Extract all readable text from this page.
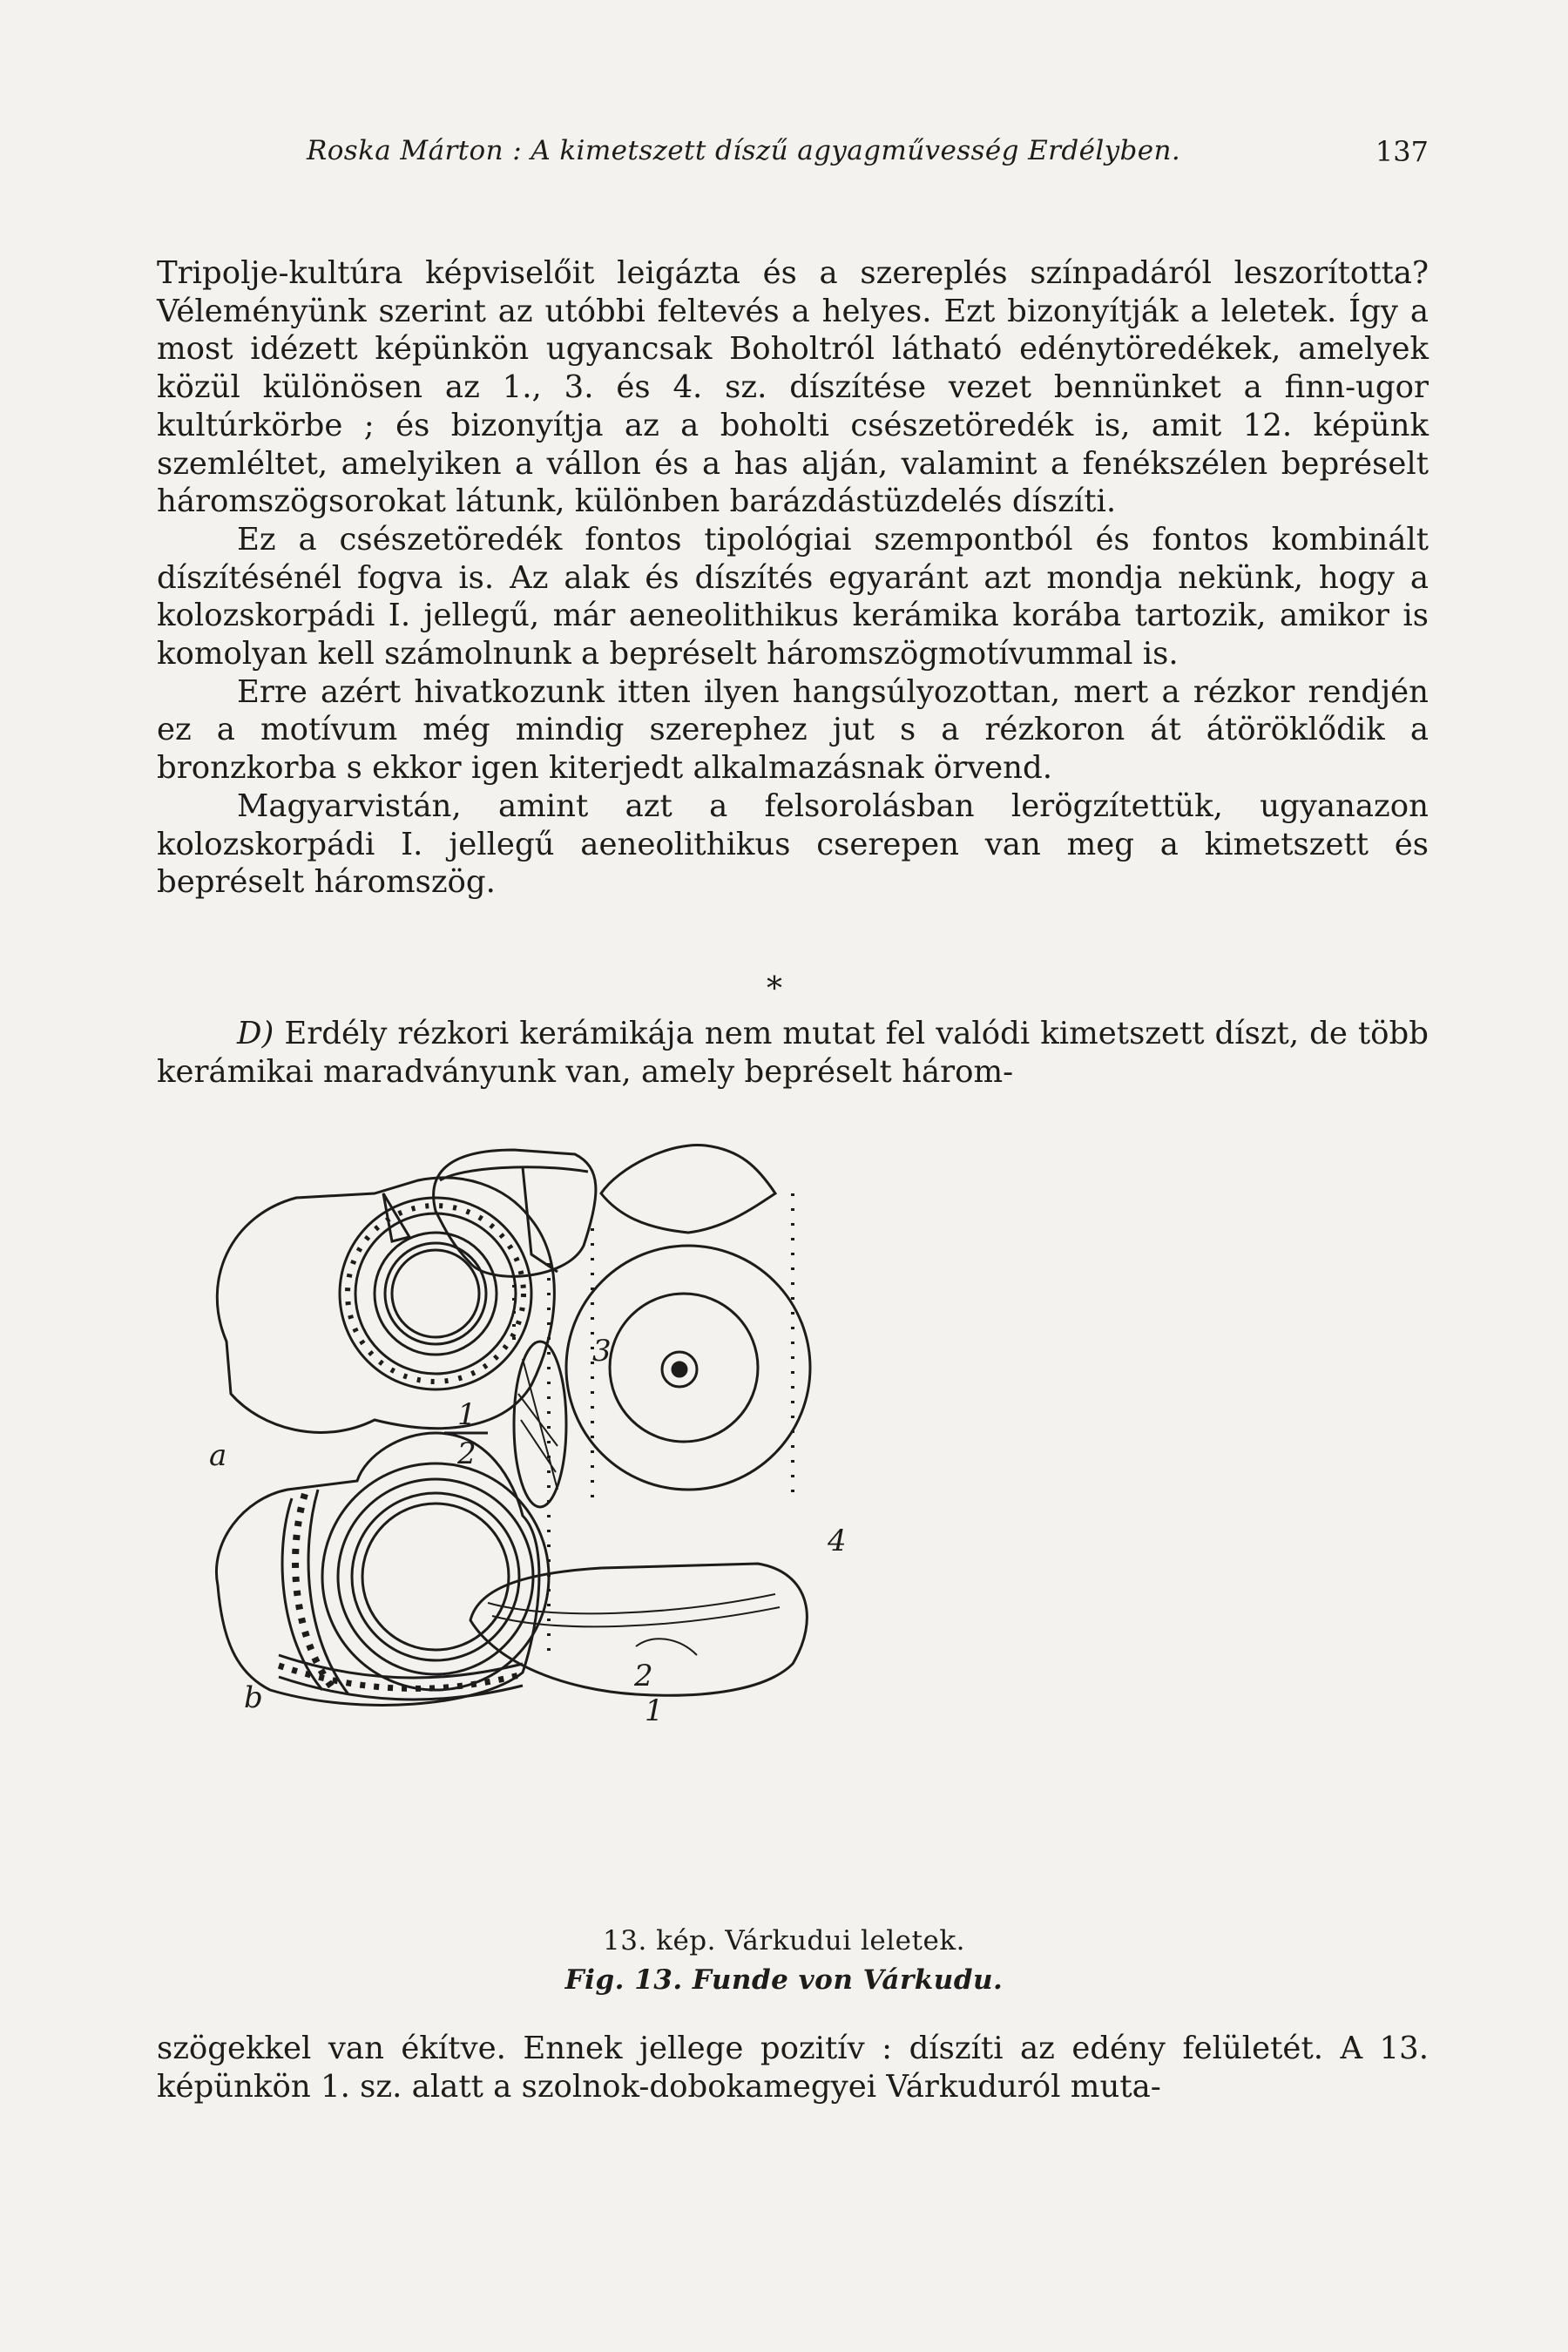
Roska Márton : A kimetszett díszű agyagművesség Erdélyben.	137

Tripolje-kultúra képviselőit leigázta és a szereplés színpadáról leszorította? Véleményünk szerint az utóbbi feltevés a helyes. Ezt bizonyítják a leletek. Így a most idézett képünkön ugyancsak Boholtról látható edénytöredékek, amelyek közül különösen az 1., 3. és 4. sz. díszítése vezet bennünket a finn-ugor kultúrkörbe ; és bizonyítja az a boholti csészetöredék is, amit 12. képünk szemléltet, amelyiken a vállon és a has alján, valamint a fenékszélen bepréselt háromszögsorokat látunk, különben barázdástüzdelés díszíti.

Ez a csészetöredék fontos tipológiai szempontból és fontos kombinált díszítésénél fogva is. Az alak és díszítés egyaránt azt mondja nekünk, hogy a kolozskorpádi I. jellegű, már aeneolithikus kerámika korába tartozik, amikor is komolyan kell számolnunk a bepréselt háromszögmotívummal is.

Erre azért hivatkozunk itten ilyen hangsúlyozottan, mert a rézkor rendjén ez a motívum még mindig szerephez jut s a rézkoron át átöröklődik a bronzkorba s ekkor igen kiterjedt alkalmazásnak örvend.

Magyarvistán, amint azt a felsorolásban lerögzítettük, ugyanazon kolozskorpádi I. jellegű aeneolithikus cserepen van meg a kimetszett és bepréselt háromszög.

*

D) Erdély rézkori kerámikája nem mutat fel valódi kimetszett díszt, de több kerámikai maradványunk van, amely bepréselt három-

a
b	1
2
3
4
1
2
13. kép. Várkudui leletek.
Fig. 13. Funde von Várkudu.

szögekkel van ékítve. Ennek jellege pozitív : díszíti az edény felületét. A 13. képünkön 1. sz. alatt a szolnok-dobokamegyei Várkuduról muta-
